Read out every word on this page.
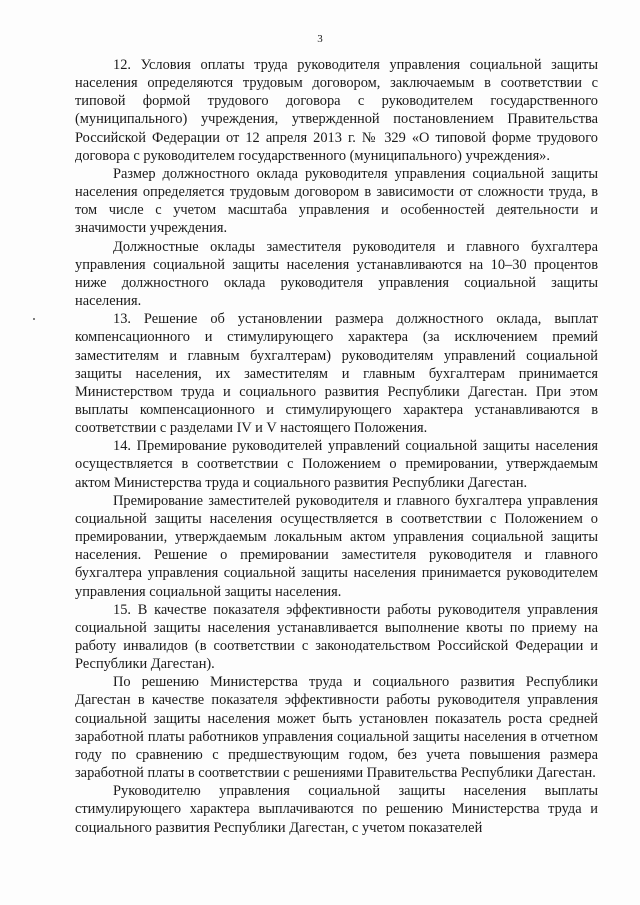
3

12. Условия оплаты труда руководителя управления социальной защиты населения определяются трудовым договором, заключаемым в соответствии с типовой формой трудового договора с руководителем государственного (муниципального) учреждения, утвержденной постановлением Правительства Российской Федерации от 12 апреля 2013 г. № 329 «О типовой форме трудового договора с руководителем государственного (муниципального) учреждения».

Размер должностного оклада руководителя управления социальной защиты населения определяется трудовым договором в зависимости от сложности труда, в том числе с учетом масштаба управления и особенностей деятельности и значимости учреждения.

Должностные оклады заместителя руководителя и главного бухгалтера управления социальной защиты населения устанавливаются на 10–30 процентов ниже должностного оклада руководителя управления социальной защиты населения.

13. Решение об установлении размера должностного оклада, выплат компенсационного и стимулирующего характера (за исключением премий заместителям и главным бухгалтерам) руководителям управлений социальной защиты населения, их заместителям и главным бухгалтерам принимается Министерством труда и социального развития Республики Дагестан. При этом выплаты компенсационного и стимулирующего характера устанавливаются в соответствии с разделами IV и V настоящего Положения.

14. Премирование руководителей управлений социальной защиты населения осуществляется в соответствии с Положением о премировании, утверждаемым актом Министерства труда и социального развития Республики Дагестан.

Премирование заместителей руководителя и главного бухгалтера управления социальной защиты населения осуществляется в соответствии с Положением о премировании, утверждаемым локальным актом управления социальной защиты населения. Решение о премировании заместителя руководителя и главного бухгалтера управления социальной защиты населения принимается руководителем управления социальной защиты населения.

15. В качестве показателя эффективности работы руководителя управления социальной защиты населения устанавливается выполнение квоты по приему на работу инвалидов (в соответствии с законодательством Российской Федерации и Республики Дагестан).

По решению Министерства труда и социального развития Республики Дагестан в качестве показателя эффективности работы руководителя управления социальной защиты населения может быть установлен показатель роста средней заработной платы работников управления социальной защиты населения в отчетном году по сравнению с предшествующим годом, без учета повышения размера заработной платы в соответствии с решениями Правительства Республики Дагестан.

Руководителю управления социальной защиты населения выплаты стимулирующего характера выплачиваются по решению Министерства труда и социального развития Республики Дагестан, с учетом показателей
